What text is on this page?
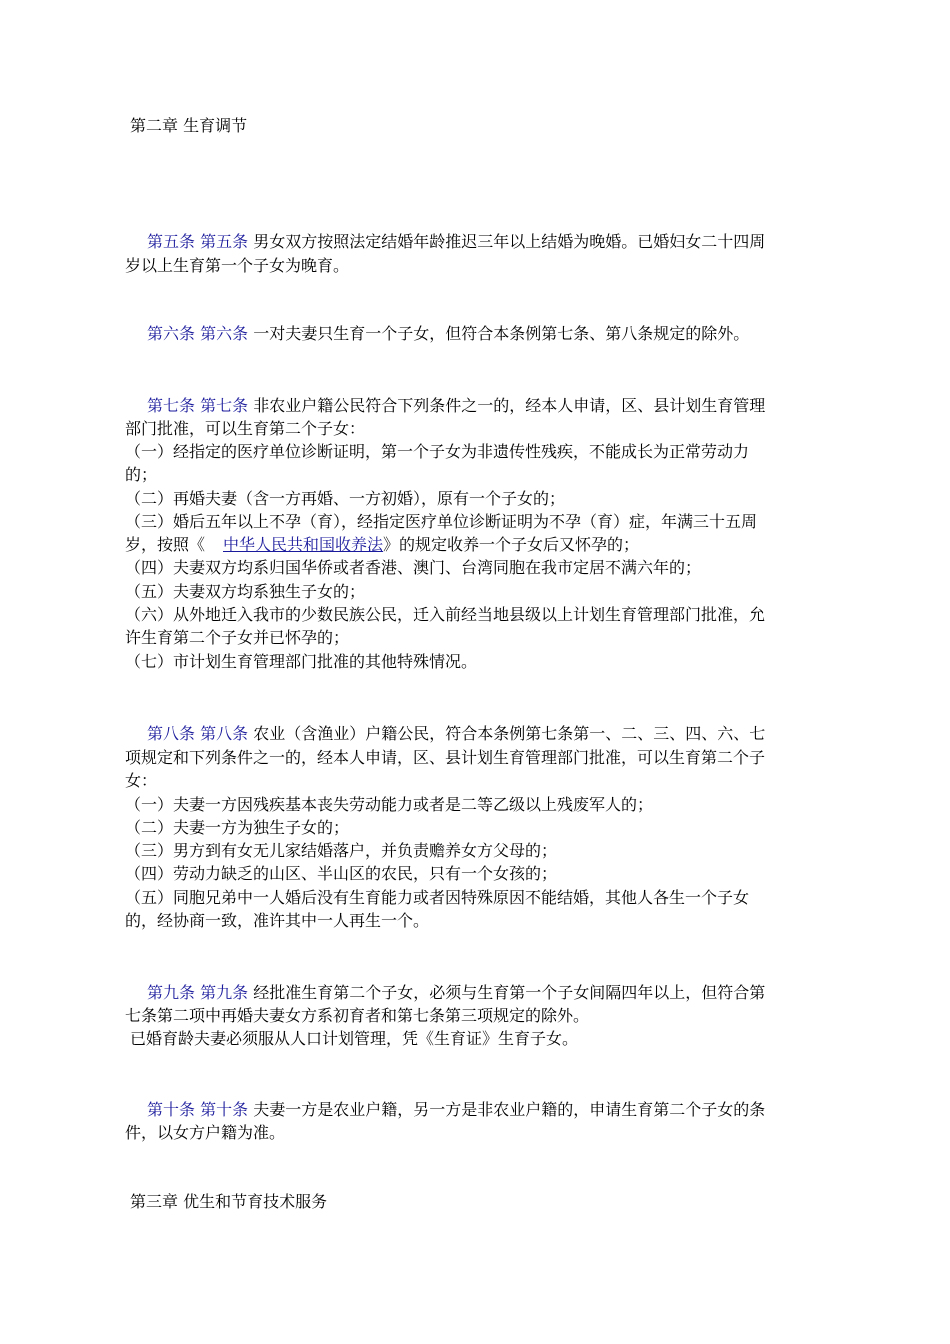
第二章 生育调节
第五条 第五条 男女双方按照法定结婚年龄推迟三年以上结婚为晚婚。已婚妇女二十四周
岁以上生育第一个子女为晚育。
第六条 第六条 一对夫妻只生育一个子女，但符合本条例第七条、第八条规定的除外。
第七条 第七条 非农业户籍公民符合下列条件之一的，经本人申请，区、县计划生育管理
部门批准，可以生育第二个子女：
（一）经指定的医疗单位诊断证明，第一个子女为非遗传性残疾，不能成长为正常劳动力
的；
（二）再婚夫妻（含一方再婚、一方初婚），原有一个子女的；
（三）婚后五年以上不孕（育），经指定医疗单位诊断证明为不孕（育）症，年满三十五周
岁，按照《 中华人民共和国收养法》的规定收养一个子女后又怀孕的；
（四）夫妻双方均系归国华侨或者香港、澳门、台湾同胞在我市定居不满六年的；
（五）夫妻双方均系独生子女的；
（六）从外地迁入我市的少数民族公民，迁入前经当地县级以上计划生育管理部门批准，允
许生育第二个子女并已怀孕的；
（七）市计划生育管理部门批准的其他特殊情况。
第八条 第八条 农业（含渔业）户籍公民，符合本条例第七条第一、二、三、四、六、七
项规定和下列条件之一的，经本人申请，区、县计划生育管理部门批准，可以生育第二个子
女：
（一）夫妻一方因残疾基本丧失劳动能力或者是二等乙级以上残废军人的；
（二）夫妻一方为独生子女的；
（三）男方到有女无儿家结婚落户，并负责赡养女方父母的；
（四）劳动力缺乏的山区、半山区的农民，只有一个女孩的；
（五）同胞兄弟中一人婚后没有生育能力或者因特殊原因不能结婚，其他人各生一个子女
的，经协商一致，准许其中一人再生一个。
第九条 第九条 经批准生育第二个子女，必须与生育第一个子女间隔四年以上，但符合第
七条第二项中再婚夫妻女方系初育者和第七条第三项规定的除外。
已婚育龄夫妻必须服从人口计划管理，凭《生育证》生育子女。
第十条 第十条 夫妻一方是农业户籍，另一方是非农业户籍的，申请生育第二个子女的条
件，以女方户籍为准。
第三章 优生和节育技术服务
